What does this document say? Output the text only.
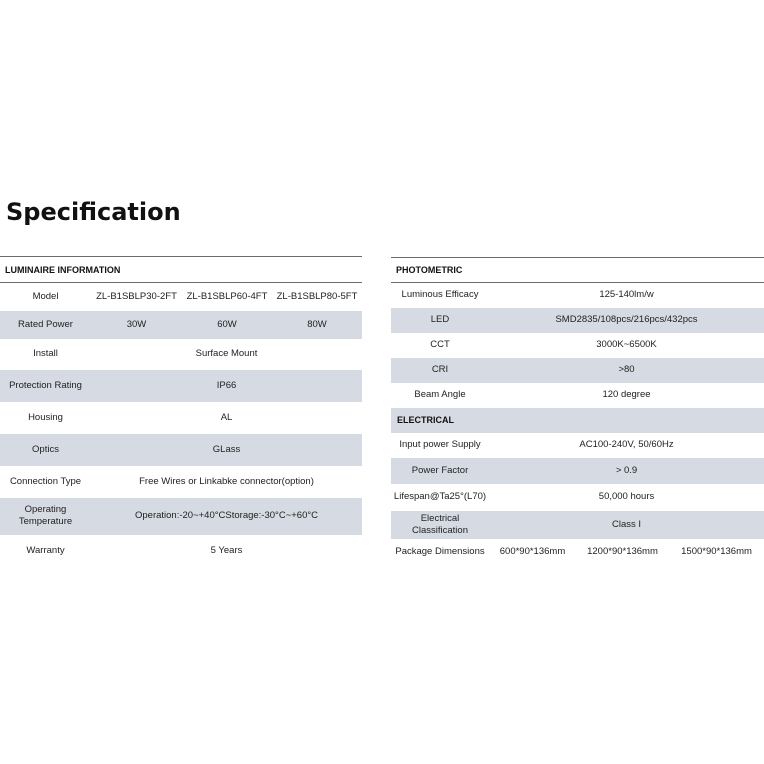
Specification
LUMINAIRE INFORMATION			
Model	ZL-B1SBLP30-2FT	ZL-B1SBLP60-4FT	ZL-B1SBLP80-5FT
Rated Power	30W	60W	80W
Install	Surface Mount		
Protection Rating	IP66		
Housing	AL		
Optics	GLass		
Connection Type	Free Wires or Linkabke connector(option)		
Operating
Temperature	Operation:-20~+40°CStorage:-30°C~+60°C		
Warranty	5 Years		
PHOTOMETRIC			
Luminous Efficacy	125-140lm/w		
LED	SMD2835/108pcs/216pcs/432pcs		
CCT	3000K~6500K		
CRI	>80		
Beam Angle	120 degree		
ELECTRICAL			
Input power Supply	AC100-240V, 50/60Hz		
Power Factor	> 0.9		
Lifespan@Ta25°(L70)	50,000 hours		
Electrical
Classification	Class I		
Package Dimensions	600*90*136mm	1200*90*136mm	1500*90*136mm
